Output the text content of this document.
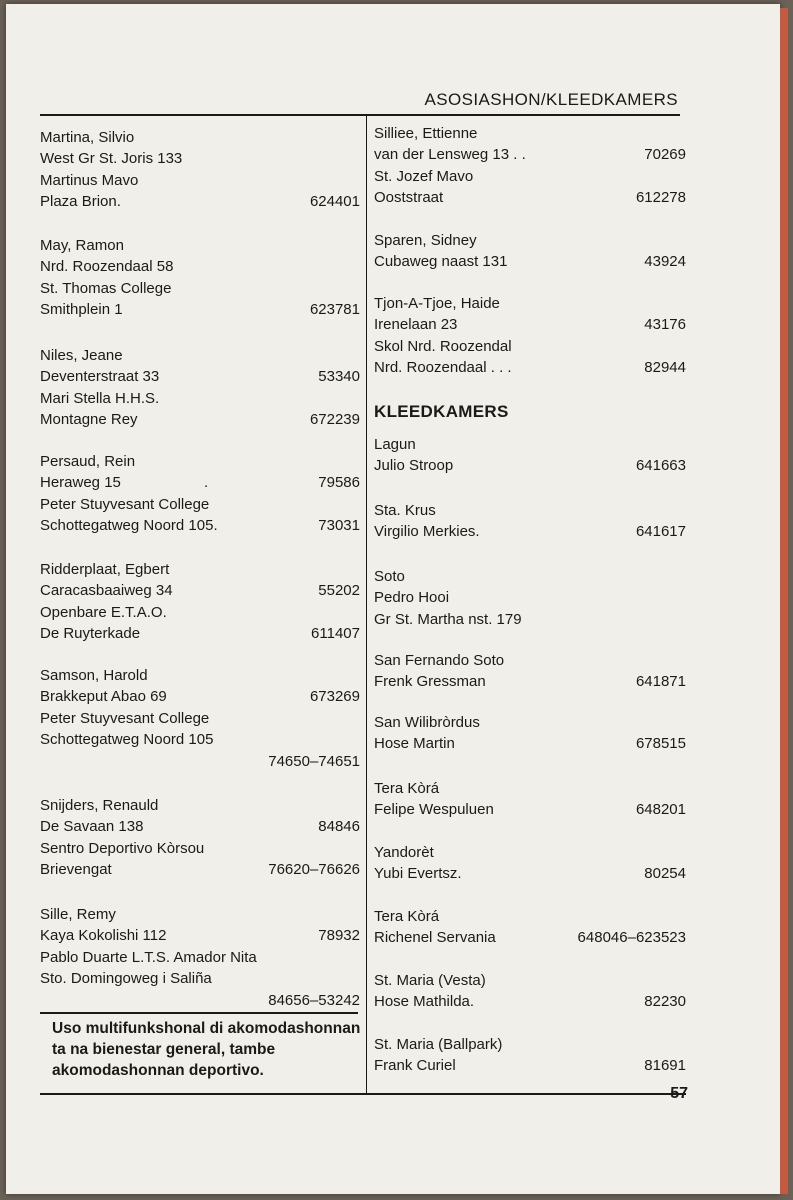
ASOSIASHON/KLEEDKAMERS
Martina, Silvio
West Gr St. Joris 133
Martinus Mavo
Plaza Brion.	624401
May, Ramon
Nrd. Roozendaal 58
St. Thomas College
Smithplein 1	623781
Niles, Jeane
Deventerstraat 33	53340
Mari Stella H.H.S.
Montagne Rey	672239
Persaud, Rein
Heraweg 15	.	79586
Peter Stuyvesant College
Schottegatweg Noord 105.	73031
Ridderplaat, Egbert
Caracasbaaiweg 34	55202
Openbare E.T.A.O.
De Ruyterkade	611407
Samson, Harold
Brakkeput Abao 69	673269
Peter Stuyvesant College
Schottegatweg Noord 105
74650–74651
Snijders, Renauld
De Savaan 138	84846
Sentro Deportivo Kòrsou
Brievengat	76620–76626
Sille, Remy
Kaya Kokolishi 112	78932
Pablo Duarte L.T.S. Amador Nita
Sto. Domingoweg i Saliña
84656–53242
Silliee, Ettienne
van der Lensweg 13 . .	70269
St. Jozef Mavo
Ooststraat	612278
Sparen, Sidney
Cubaweg naast 131	43924
Tjon-A-Tjoe, Haide
Irenelaan 23	43176
Skol Nrd. Roozendal
Nrd. Roozendaal . . .	82944
Lagun
Julio Stroop	641663
Sta. Krus
Virgilio Merkies.	641617
Soto
Pedro Hooi
Gr St. Martha nst. 179
San Fernando Soto
Frenk Gressman	641871
San Wilibròrdus
Hose Martin	678515
Tera Kòrá
Felipe Wespuluen	648201
Yandorèt
Yubi Evertsz.	80254
Tera Kòrá
Richenel Servania	648046–623523
St. Maria (Vesta)
Hose Mathilda.	82230
St. Maria (Ballpark)
Frank Curiel	81691
KLEEDKAMERS
Uso multifunkshonal di akomodashonnan ta na bienestar general, tambe akomodashonnan deportivo.
57
